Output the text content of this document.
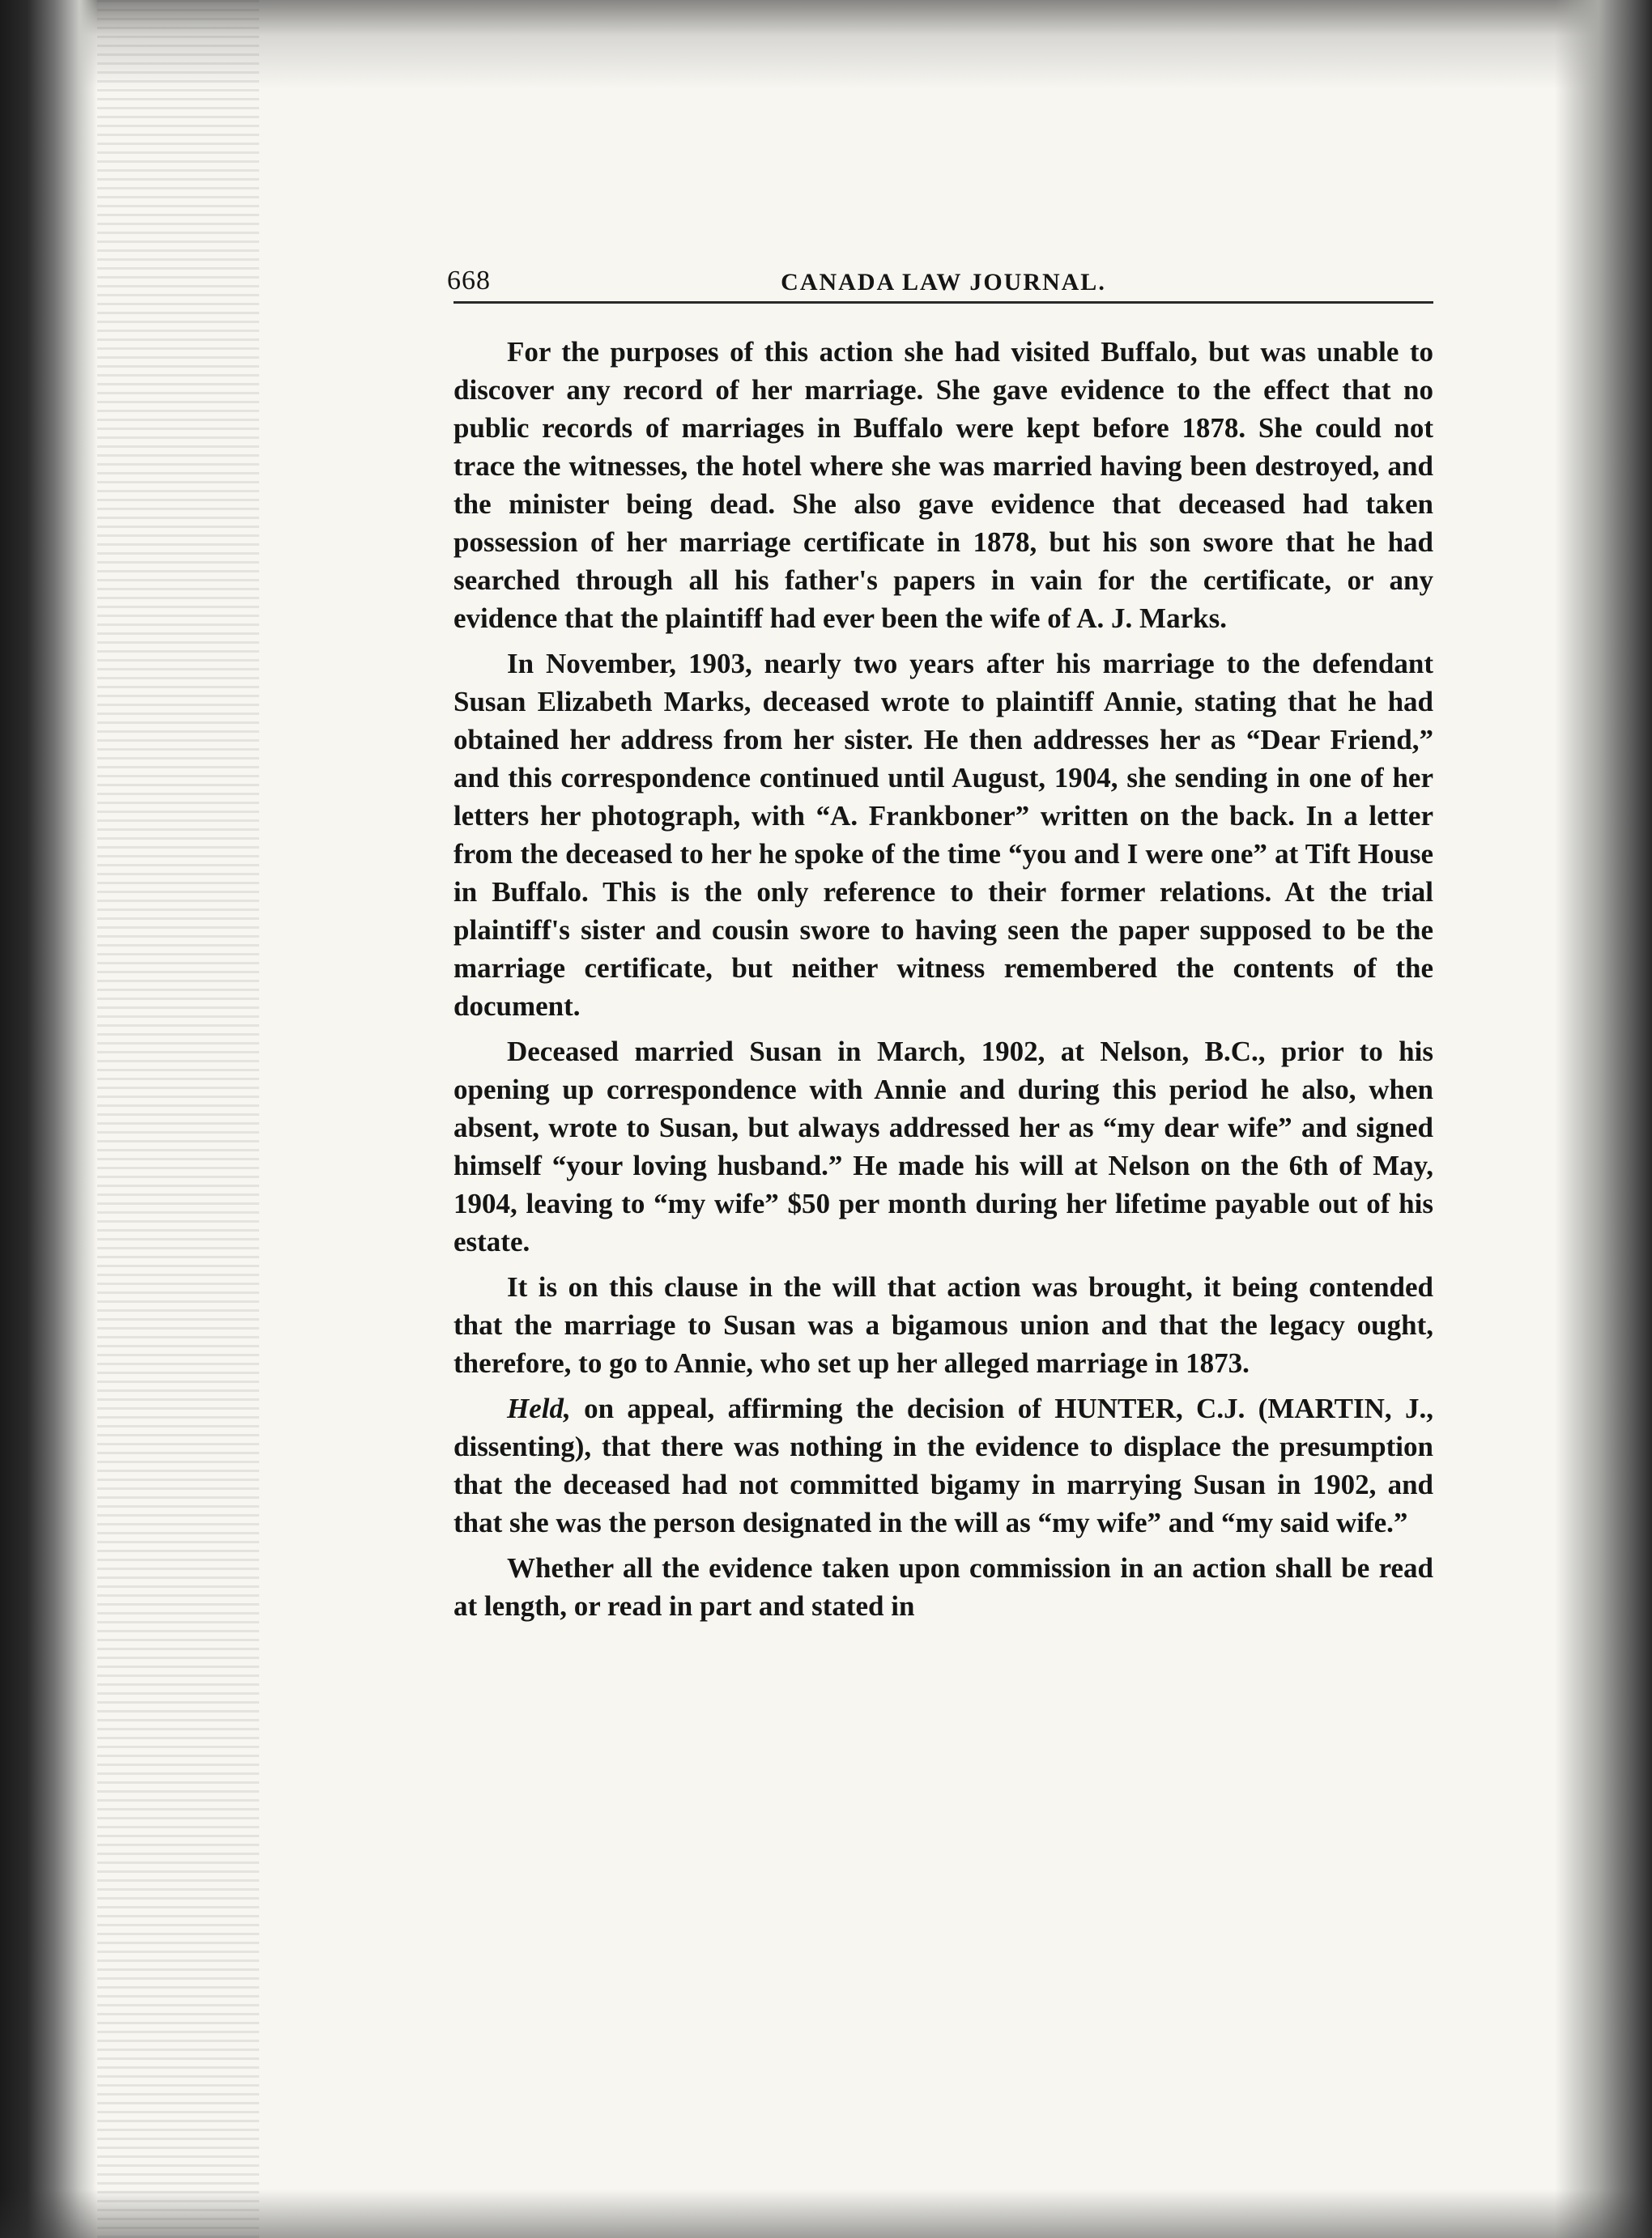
668	CANADA LAW JOURNAL.

For the purposes of this action she had visited Buffalo, but was unable to discover any record of her marriage. She gave evidence to the effect that no public records of marriages in Buffalo were kept before 1878. She could not trace the witnesses, the hotel where she was married having been destroyed, and the minister being dead. She also gave evidence that deceased had taken possession of her marriage certificate in 1878, but his son swore that he had searched through all his father's papers in vain for the certificate, or any evidence that the plaintiff had ever been the wife of A. J. Marks.

In November, 1903, nearly two years after his marriage to the defendant Susan Elizabeth Marks, deceased wrote to plaintiff Annie, stating that he had obtained her address from her sister. He then addresses her as “Dear Friend,” and this correspondence continued until August, 1904, she sending in one of her letters her photograph, with “A. Frankboner” written on the back. In a letter from the deceased to her he spoke of the time “you and I were one” at Tift House in Buffalo. This is the only reference to their former relations. At the trial plaintiff's sister and cousin swore to having seen the paper supposed to be the marriage certificate, but neither witness remembered the contents of the document.

Deceased married Susan in March, 1902, at Nelson, B.C., prior to his opening up correspondence with Annie and during this period he also, when absent, wrote to Susan, but always addressed her as “my dear wife” and signed himself “your loving husband.” He made his will at Nelson on the 6th of May, 1904, leaving to “my wife” $50 per month during her lifetime payable out of his estate.

It is on this clause in the will that action was brought, it being contended that the marriage to Susan was a bigamous union and that the legacy ought, therefore, to go to Annie, who set up her alleged marriage in 1873.

Held, on appeal, affirming the decision of HUNTER, C.J. (MARTIN, J., dissenting), that there was nothing in the evidence to displace the presumption that the deceased had not committed bigamy in marrying Susan in 1902, and that she was the person designated in the will as “my wife” and “my said wife.”

Whether all the evidence taken upon commission in an action shall be read at length, or read in part and stated in
